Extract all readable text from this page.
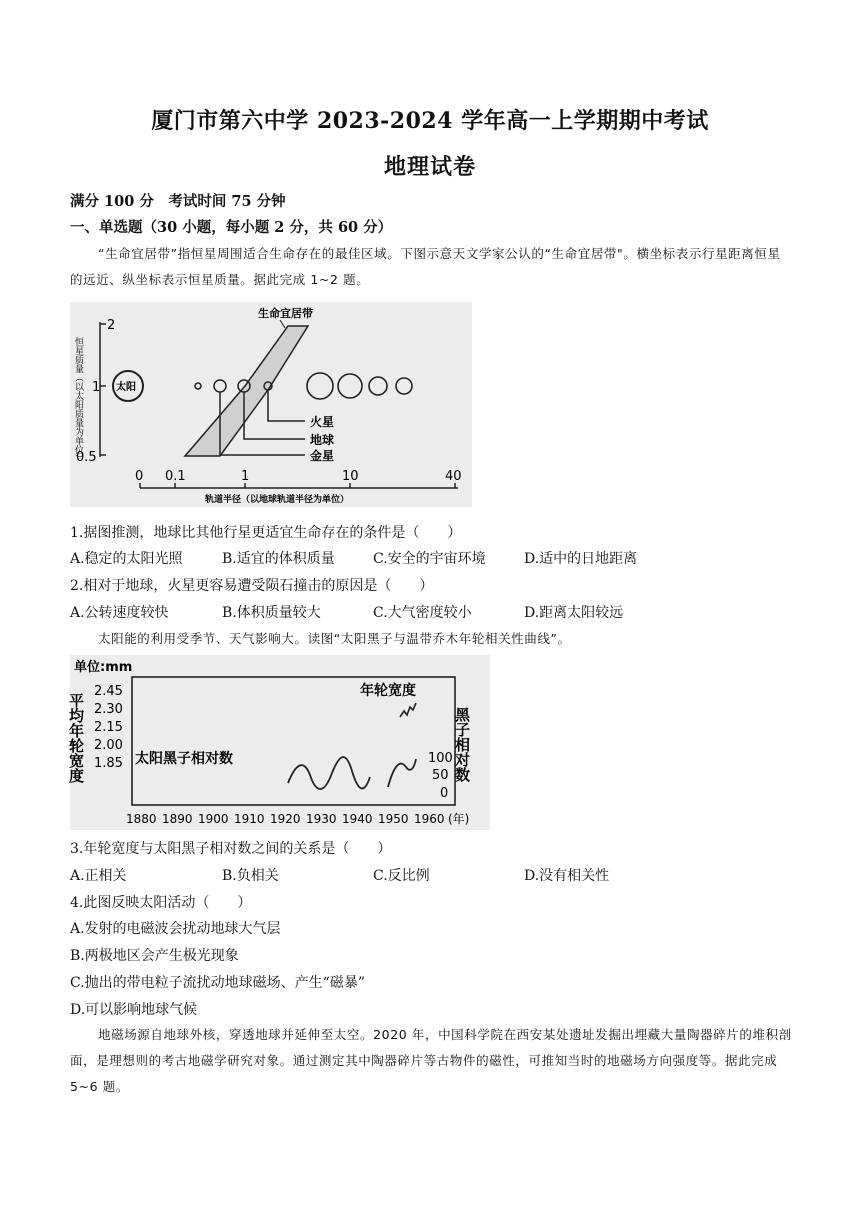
厦门市第六中学 2023-2024 学年高一上学期期中考试
地理试卷
满分 100 分　考试时间 75 分钟
一、单选题（30 小题，每小题 2 分，共 60 分）
“生命宜居带”指恒星周围适合生命存在的最佳区域。下图示意天文学家公认的“生命宜居带"。横坐标表示行星距离恒星的远近、纵坐标表示恒星质量。据此完成 1~2 题。
2
1
0.5
恒星质量（以太阳质量为单位）
生命宜居带
太阳
火星
地球
金星
0 0.1	1	10	40
轨道半径（以地球轨道半径为单位）
1.据图推测，地球比其他行星更适宜生命存在的条件是（　　）
A.稳定的太阳光照	B.适宜的体积质量	C.安全的宇宙环境	D.适中的日地距离
2.相对于地球，火星更容易遭受陨石撞击的原因是（　　）
A.公转速度较快	B.体积质量较大	C.大气密度较小	D.距离太阳较远
太阳能的利用受季节、天气影响大。读图“太阳黑子与温带乔木年轮相关性曲线”。
单位:mm
平均年轮宽度
2.45
2.30
2.15
2.00
1.85
年轮宽度
太阳黑子相对数	100
50
0
黑子相对数
1880 1890 1900 1910 1920 1930 1940 1950 1960 (年)
3.年轮宽度与太阳黑子相对数之间的关系是（　　）
A.正相关	B.负相关	C.反比例	D.没有相关性
4.此图反映太阳活动（　　）
A.发射的电磁波会扰动地球大气层
B.两极地区会产生极光现象
C.抛出的带电粒子流扰动地球磁场、产生“磁暴”
D.可以影响地球气候
地磁场源自地球外核，穿透地球并延伸至太空。2020 年，中国科学院在西安某处遗址发掘出埋藏大量陶器碎片的堆积剖面，是理想则的考古地磁学研究对象。通过测定其中陶器碎片等古物件的磁性，可推知当时的地磁场方向强度等。据此完成 5~6 题。
